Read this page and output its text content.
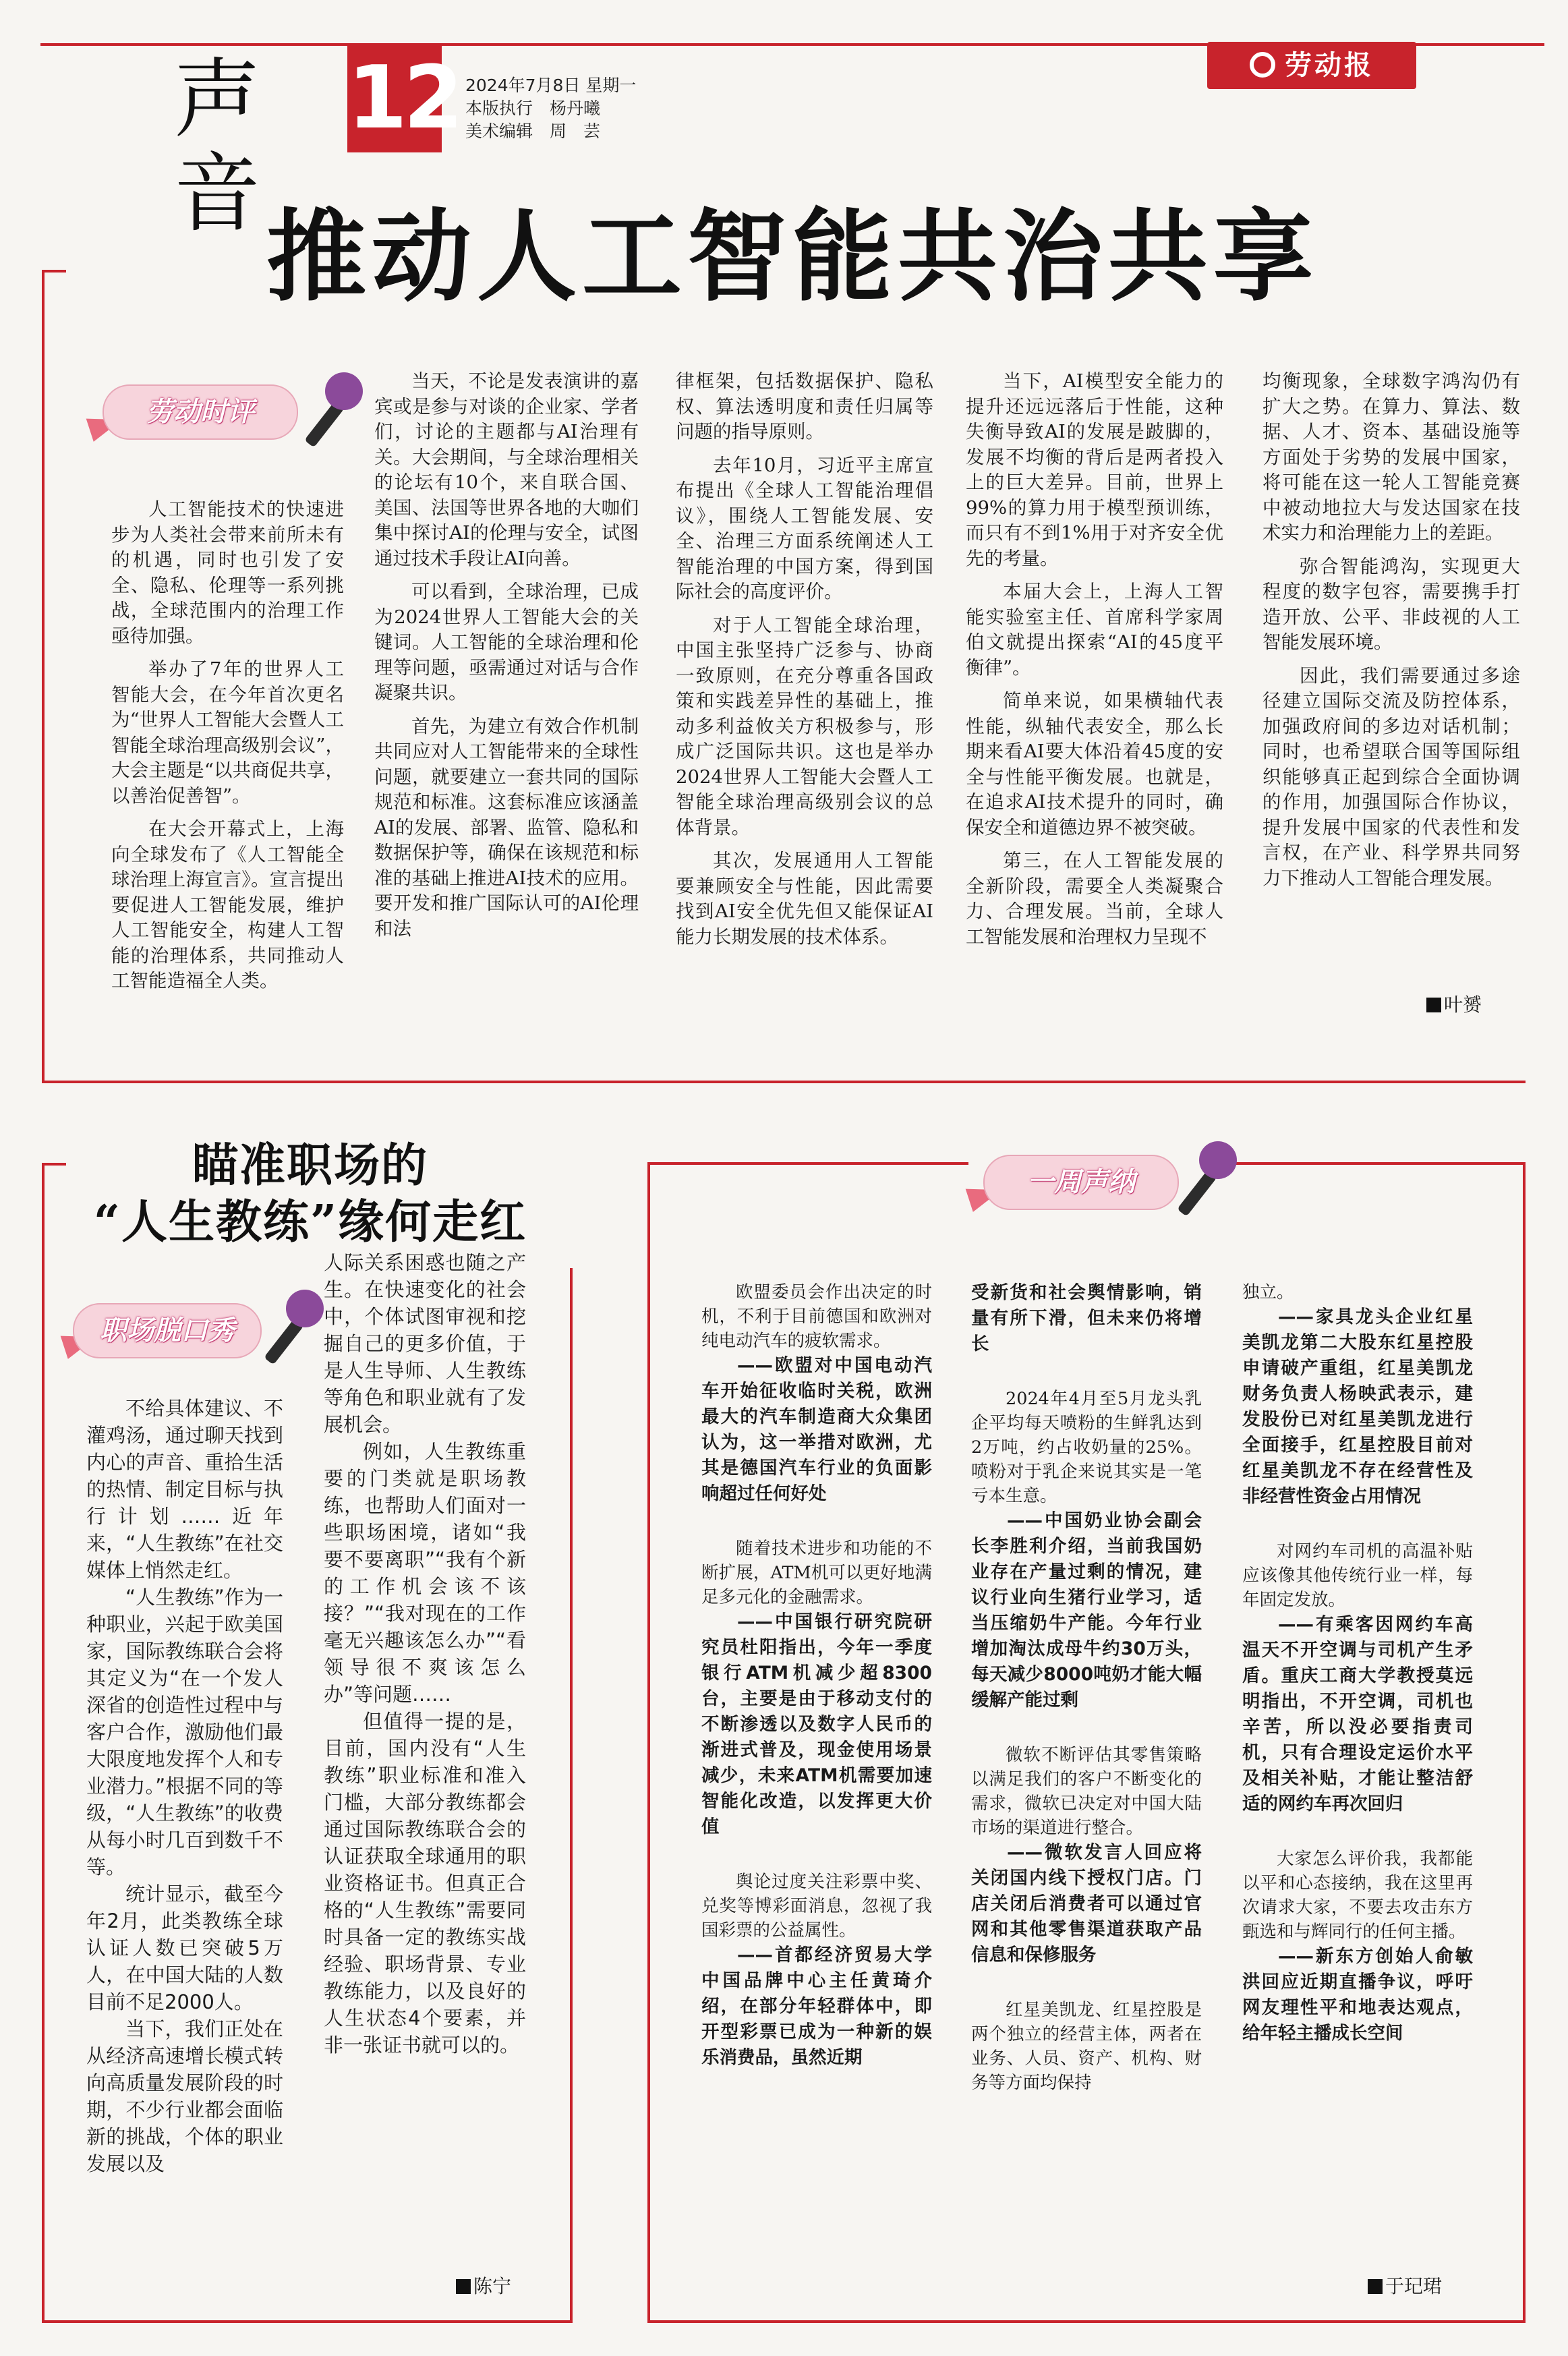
声音
12 2024年7月8日 星期一
本版执行　杨丹曦
美术编辑　周　芸
劳动报
推动人工智能共治共享
劳动时评

人工智能技术的快速进步为人类社会带来前所未有的机遇，同时也引发了安全、隐私、伦理等一系列挑战，全球范围内的治理工作亟待加强。

举办了7年的世界人工智能大会，在今年首次更名为“世界人工智能大会暨人工智能全球治理高级别会议”，大会主题是“以共商促共享，以善治促善智”。

在大会开幕式上，上海向全球发布了《人工智能全球治理上海宣言》。宣言提出要促进人工智能发展，维护人工智能安全，构建人工智能的治理体系，共同推动人工智能造福全人类。

当天，不论是发表演讲的嘉宾或是参与对谈的企业家、学者们，讨论的主题都与AI治理有关。大会期间，与全球治理相关的论坛有10个，来自联合国、美国、法国等世界各地的大咖们集中探讨AI的伦理与安全，试图通过技术手段让AI向善。

可以看到，全球治理，已成为2024世界人工智能大会的关键词。人工智能的全球治理和伦理等问题，亟需通过对话与合作凝聚共识。

首先，为建立有效合作机制共同应对人工智能带来的全球性问题，就要建立一套共同的国际规范和标准。这套标准应该涵盖AI的发展、部署、监管、隐私和数据保护等，确保在该规范和标准的基础上推进AI技术的应用。要开发和推广国际认可的AI伦理和法

律框架，包括数据保护、隐私权、算法透明度和责任归属等问题的指导原则。

去年10月，习近平主席宣布提出《全球人工智能治理倡议》，围绕人工智能发展、安全、治理三方面系统阐述人工智能治理的中国方案，得到国际社会的高度评价。

对于人工智能全球治理，中国主张坚持广泛参与、协商一致原则，在充分尊重各国政策和实践差异性的基础上，推动多利益攸关方积极参与，形成广泛国际共识。这也是举办2024世界人工智能大会暨人工智能全球治理高级别会议的总体背景。

其次，发展通用人工智能要兼顾安全与性能，因此需要找到AI安全优先但又能保证AI能力长期发展的技术体系。

当下，AI模型安全能力的提升还远远落后于性能，这种失衡导致AI的发展是跛脚的，发展不均衡的背后是两者投入上的巨大差异。目前，世界上99%的算力用于模型预训练，而只有不到1%用于对齐安全优先的考量。

本届大会上，上海人工智能实验室主任、首席科学家周伯文就提出探索“AI的45度平衡律”。

简单来说，如果横轴代表性能，纵轴代表安全，那么长期来看AI要大体沿着45度的安全与性能平衡发展。也就是，在追求AI技术提升的同时，确保安全和道德边界不被突破。

第三，在人工智能发展的全新阶段，需要全人类凝聚合力、合理发展。当前，全球人工智能发展和治理权力呈现不

均衡现象，全球数字鸿沟仍有扩大之势。在算力、算法、数据、人才、资本、基础设施等方面处于劣势的发展中国家，将可能在这一轮人工智能竞赛中被动地拉大与发达国家在技术实力和治理能力上的差距。

弥合智能鸿沟，实现更大程度的数字包容，需要携手打造开放、公平、非歧视的人工智能发展环境。

因此，我们需要通过多途径建立国际交流及防控体系，加强政府间的多边对话机制；同时，也希望联合国等国际组织能够真正起到综合全面协调的作用，加强国际合作协议，提升发展中国家的代表性和发言权，在产业、科学界共同努力下推动人工智能合理发展。

叶赟
瞄准职场的
“人生教练”缘何走红
职场脱口秀

不给具体建议、不灌鸡汤，通过聊天找到内心的声音、重拾生活的热情、制定目标与执行计划……近年来，“人生教练”在社交媒体上悄然走红。

“人生教练”作为一种职业，兴起于欧美国家，国际教练联合会将其定义为“在一个发人深省的创造性过程中与客户合作，激励他们最大限度地发挥个人和专业潜力。”根据不同的等级，“人生教练”的收费从每小时几百到数千不等。

统计显示，截至今年2月，此类教练全球认证人数已突破5万人，在中国大陆的人数目前不足2000人。

当下，我们正处在从经济高速增长模式转向高质量发展阶段的时期，不少行业都会面临新的挑战，个体的职业发展以及

人际关系困惑也随之产生。在快速变化的社会中，个体试图审视和挖掘自己的更多价值，于是人生导师、人生教练等角色和职业就有了发展机会。

例如，人生教练重要的门类就是职场教练，也帮助人们面对一些职场困境，诸如“我要不要离职”“我有个新的工作机会该不该接？”“我对现在的工作毫无兴趣该怎么办”“看领导很不爽该怎么办”等问题……

但值得一提的是，目前，国内没有“人生教练”职业标准和准入门槛，大部分教练都会通过国际教练联合会的认证获取全球通用的职业资格证书。但真正合格的“人生教练”需要同时具备一定的教练实战经验、职场背景、专业教练能力，以及良好的人生状态4个要素，并非一张证书就可以的。

陈宁
一周声纳

欧盟委员会作出决定的时机，不利于目前德国和欧洲对纯电动汽车的疲软需求。

——欧盟对中国电动汽车开始征收临时关税，欧洲最大的汽车制造商大众集团认为，这一举措对欧洲，尤其是德国汽车行业的负面影响超过任何好处

随着技术进步和功能的不断扩展，ATM机可以更好地满足多元化的金融需求。

——中国银行研究院研究员杜阳指出，今年一季度银行ATM机减少超8300台，主要是由于移动支付的不断渗透以及数字人民币的渐进式普及，现金使用场景减少，未来ATM机需要加速智能化改造，以发挥更大价值

舆论过度关注彩票中奖、兑奖等博彩面消息，忽视了我国彩票的公益属性。

——首都经济贸易大学中国品牌中心主任黄琦介绍，在部分年轻群体中，即开型彩票已成为一种新的娱乐消费品，虽然近期

受新货和社会舆情影响，销量有所下滑，但未来仍将增长

2024年4月至5月龙头乳企平均每天喷粉的生鲜乳达到2万吨，约占收奶量的25%。喷粉对于乳企来说其实是一笔亏本生意。

——中国奶业协会副会长李胜利介绍，当前我国奶业存在产量过剩的情况，建议行业向生猪行业学习，适当压缩奶牛产能。今年行业增加淘汰成母牛约30万头，每天减少8000吨奶才能大幅缓解产能过剩

微软不断评估其零售策略以满足我们的客户不断变化的需求，微软已决定对中国大陆市场的渠道进行整合。

——微软发言人回应将关闭国内线下授权门店。门店关闭后消费者可以通过官网和其他零售渠道获取产品信息和保修服务

红星美凯龙、红星控股是两个独立的经营主体，两者在业务、人员、资产、机构、财务等方面均保持

独立。

——家具龙头企业红星美凯龙第二大股东红星控股申请破产重组，红星美凯龙财务负责人杨映武表示，建发股份已对红星美凯龙进行全面接手，红星控股目前对红星美凯龙不存在经营性及非经营性资金占用情况

对网约车司机的高温补贴应该像其他传统行业一样，每年固定发放。

——有乘客因网约车高温天不开空调与司机产生矛盾。重庆工商大学教授莫远明指出，不开空调，司机也辛苦，所以没必要指责司机，只有合理设定运价水平及相关补贴，才能让整洁舒适的网约车再次回归

大家怎么评价我，我都能以平和心态接纳，我在这里再次请求大家，不要去攻击东方甄选和与辉同行的任何主播。

——新东方创始人俞敏洪回应近期直播争议，呼吁网友理性平和地表达观点，给年轻主播成长空间

于玘珺
